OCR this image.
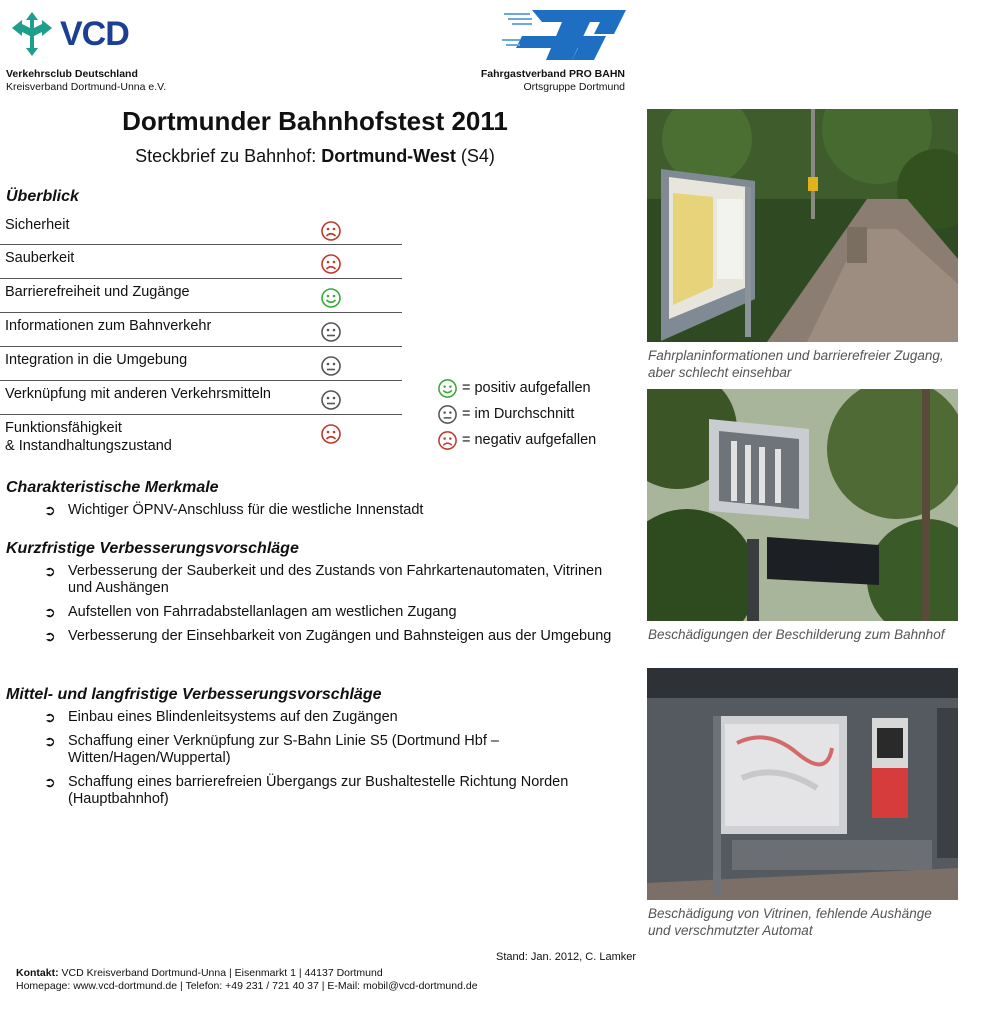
VCD
Verkehrsclub Deutschland
Kreisverband Dortmund-Unna e.V.
Fahrgastverband PRO BAHN
Ortsgruppe Dortmund
Dortmunder Bahnhofstest 2011
Steckbrief zu Bahnhof: Dortmund-West (S4)
Überblick
Sicherheit
Sauberkeit
Barrierefreiheit und Zugänge
Informationen zum Bahnverkehr
Integration in die Umgebung
Verknüpfung mit anderen Verkehrsmitteln
Funktionsfähigkeit
& Instandhaltungszustand
= positiv aufgefallen
= im Durchschnitt
= negativ aufgefallen
Charakteristische Merkmale
➲ Wichtiger ÖPNV-Anschluss für die westliche Innenstadt
Kurzfristige Verbesserungsvorschläge
➲ Verbesserung der Sauberkeit und des Zustands von Fahrkartenautomaten, Vitrinen und Aushängen
➲ Aufstellen von Fahrradabstellanlagen am westlichen Zugang
➲ Verbesserung der Einsehbarkeit von Zugängen und Bahnsteigen aus der Umgebung
Mittel- und langfristige Verbesserungsvorschläge
➲ Einbau eines Blindenleitsystems auf den Zugängen
➲ Schaffung einer Verknüpfung zur S-Bahn Linie S5 (Dortmund Hbf – Witten/Hagen/Wuppertal)
➲ Schaffung eines barrierefreien Übergangs zur Bushaltestelle Richtung Norden (Hauptbahnhof)
Fahrplaninformationen und barrierefreier Zugang,
aber schlecht einsehbar
Beschädigungen der Beschilderung zum Bahnhof
Beschädigung von Vitrinen, fehlende Aushänge
und verschmutzter Automat
Stand: Jan. 2012, C. Lamker
Kontakt: VCD Kreisverband Dortmund-Unna | Eisenmarkt 1 | 44137 Dortmund
Homepage: www.vcd-dortmund.de | Telefon: +49 231 / 721 40 37 | E-Mail: mobil@vcd-dortmund.de
